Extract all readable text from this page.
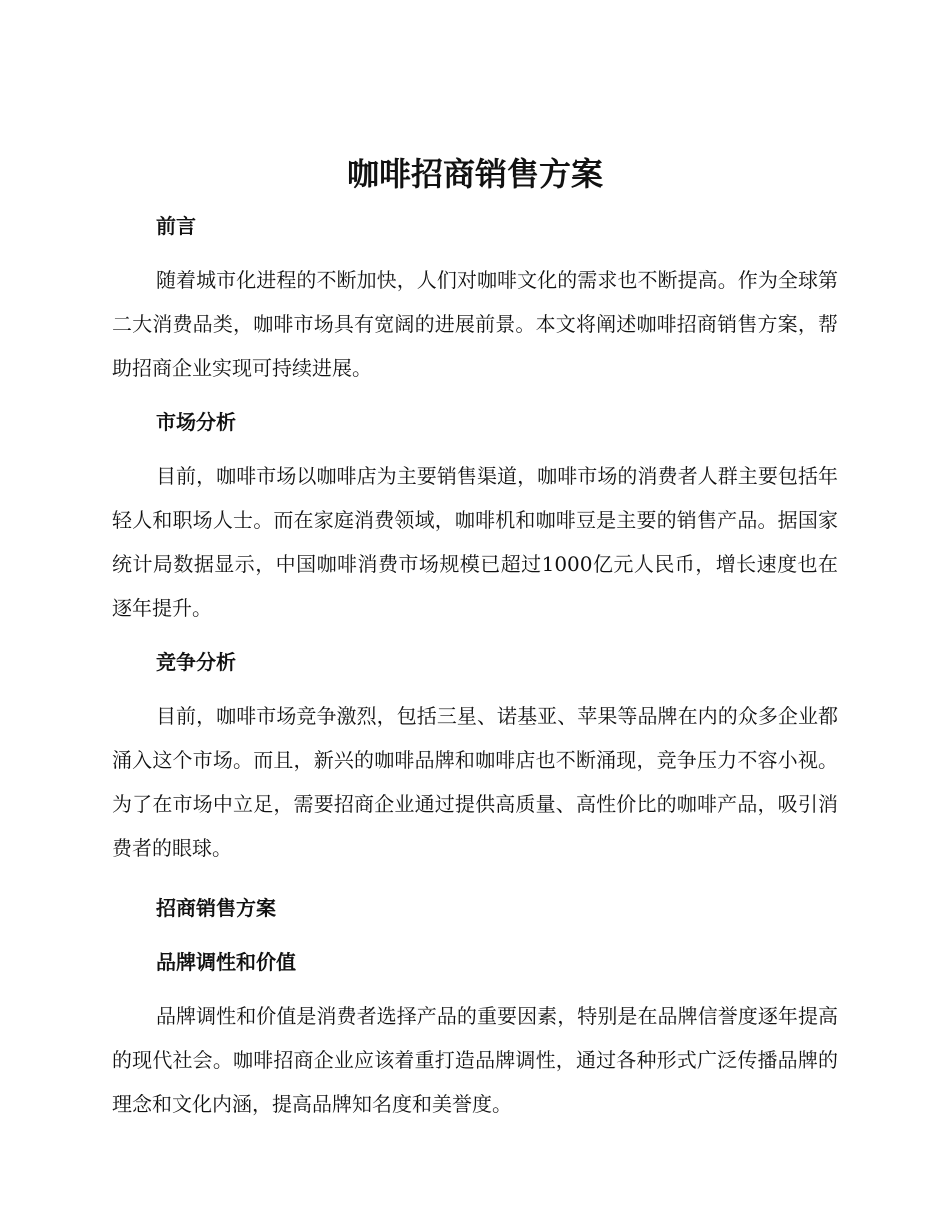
咖啡招商销售方案
前言

随着城市化进程的不断加快，人们对咖啡文化的需求也不断提高。作为全球第二大消费品类，咖啡市场具有宽阔的进展前景。本文将阐述咖啡招商销售方案，帮助招商企业实现可持续进展。

市场分析

目前，咖啡市场以咖啡店为主要销售渠道，咖啡市场的消费者人群主要包括年轻人和职场人士。而在家庭消费领域，咖啡机和咖啡豆是主要的销售产品。据国家统计局数据显示，中国咖啡消费市场规模已超过1000亿元人民币，增长速度也在逐年提升。

竞争分析

目前，咖啡市场竞争激烈，包括三星、诺基亚、苹果等品牌在内的众多企业都涌入这个市场。而且，新兴的咖啡品牌和咖啡店也不断涌现，竞争压力不容小视。为了在市场中立足，需要招商企业通过提供高质量、高性价比的咖啡产品，吸引消费者的眼球。

招商销售方案
品牌调性和价值

品牌调性和价值是消费者选择产品的重要因素，特别是在品牌信誉度逐年提高的现代社会。咖啡招商企业应该着重打造品牌调性，通过各种形式广泛传播品牌的理念和文化内涵，提高品牌知名度和美誉度。
